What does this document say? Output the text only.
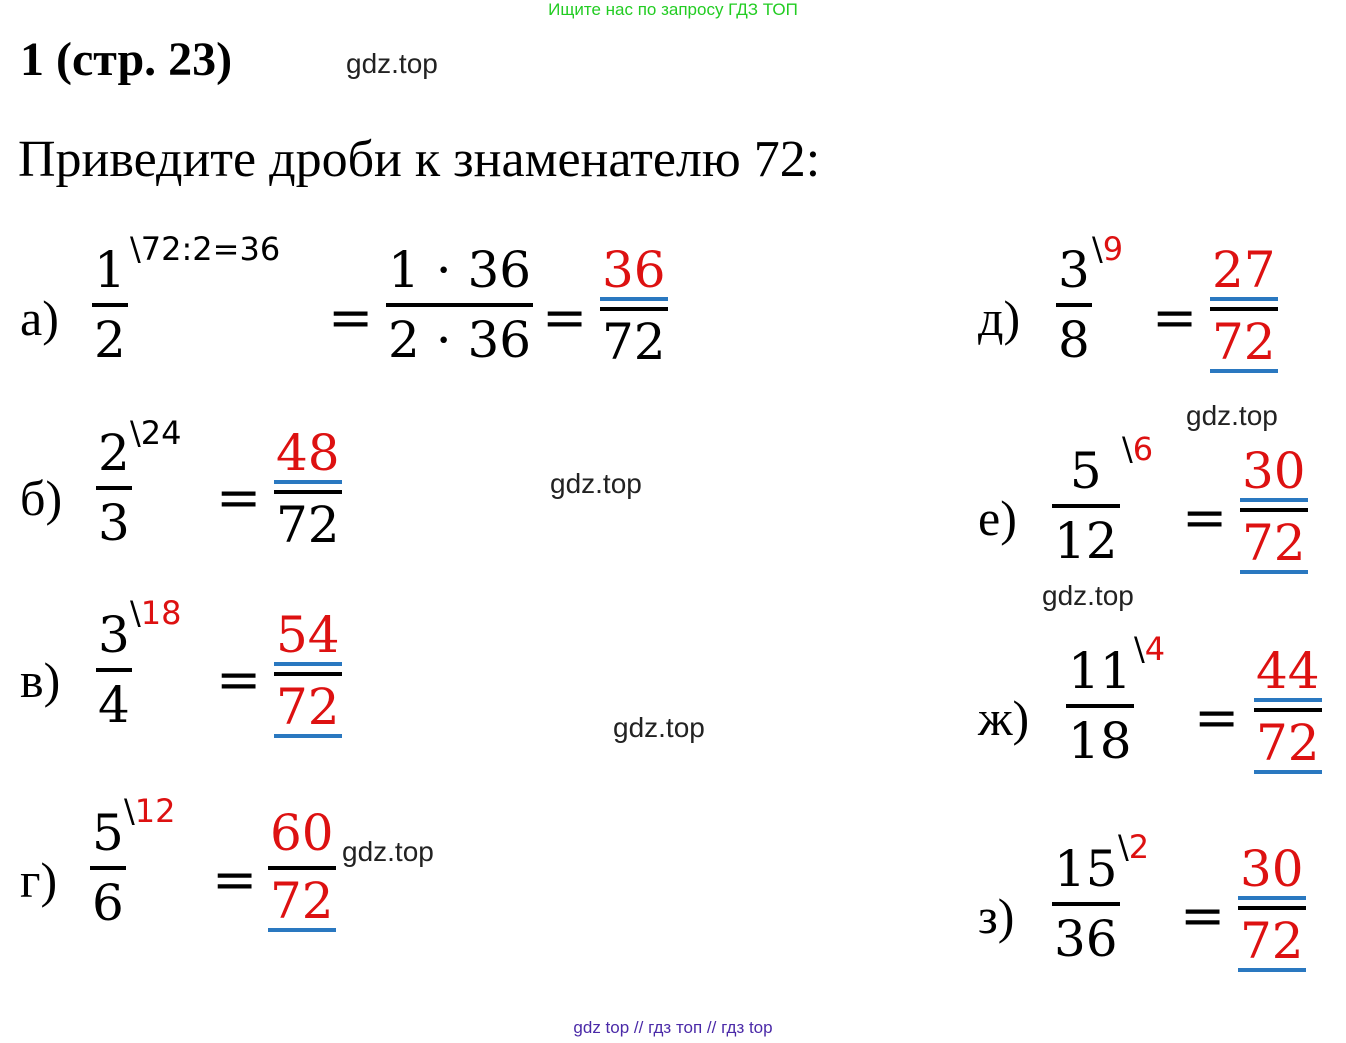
Ищите нас по запросу ГДЗ ТОП
1 (стр. 23)	gdz.top
Приведите дроби к знаменателю 72:
а)
1
2
\72:2=36
=
1 · 36
$2 \cdot 36 = \frac{36}{72}$
б)
2
3
\24
= $\frac{48}{72}$	gdz.top
в)
3
4
\18
= $\frac{54}{72}$	gdz.top
г)
5
6
\12
=
60
72
gdz.top
д)
3
8
\9
= $\frac{27}{72}$
gdz.top
е)
5
12
\6
= $\frac{30}{72}$
gdz.top
ж)
11
18
\4
= $\frac{44}{72}$
з)
15
36
\2
= $\frac{30}{72}$
gdz top // гдз топ // гдз top
